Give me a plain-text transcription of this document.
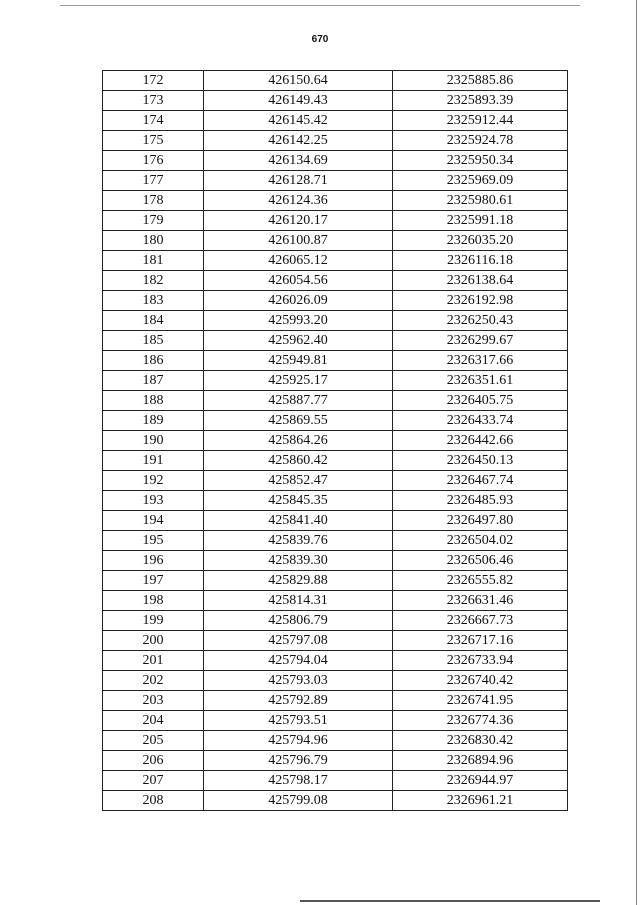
670
172	426150.64	2325885.86
173	426149.43	2325893.39
174	426145.42	2325912.44
175	426142.25	2325924.78
176	426134.69	2325950.34
177	426128.71	2325969.09
178	426124.36	2325980.61
179	426120.17	2325991.18
180	426100.87	2326035.20
181	426065.12	2326116.18
182	426054.56	2326138.64
183	426026.09	2326192.98
184	425993.20	2326250.43
185	425962.40	2326299.67
186	425949.81	2326317.66
187	425925.17	2326351.61
188	425887.77	2326405.75
189	425869.55	2326433.74
190	425864.26	2326442.66
191	425860.42	2326450.13
192	425852.47	2326467.74
193	425845.35	2326485.93
194	425841.40	2326497.80
195	425839.76	2326504.02
196	425839.30	2326506.46
197	425829.88	2326555.82
198	425814.31	2326631.46
199	425806.79	2326667.73
200	425797.08	2326717.16
201	425794.04	2326733.94
202	425793.03	2326740.42
203	425792.89	2326741.95
204	425793.51	2326774.36
205	425794.96	2326830.42
206	425796.79	2326894.96
207	425798.17	2326944.97
208	425799.08	2326961.21
